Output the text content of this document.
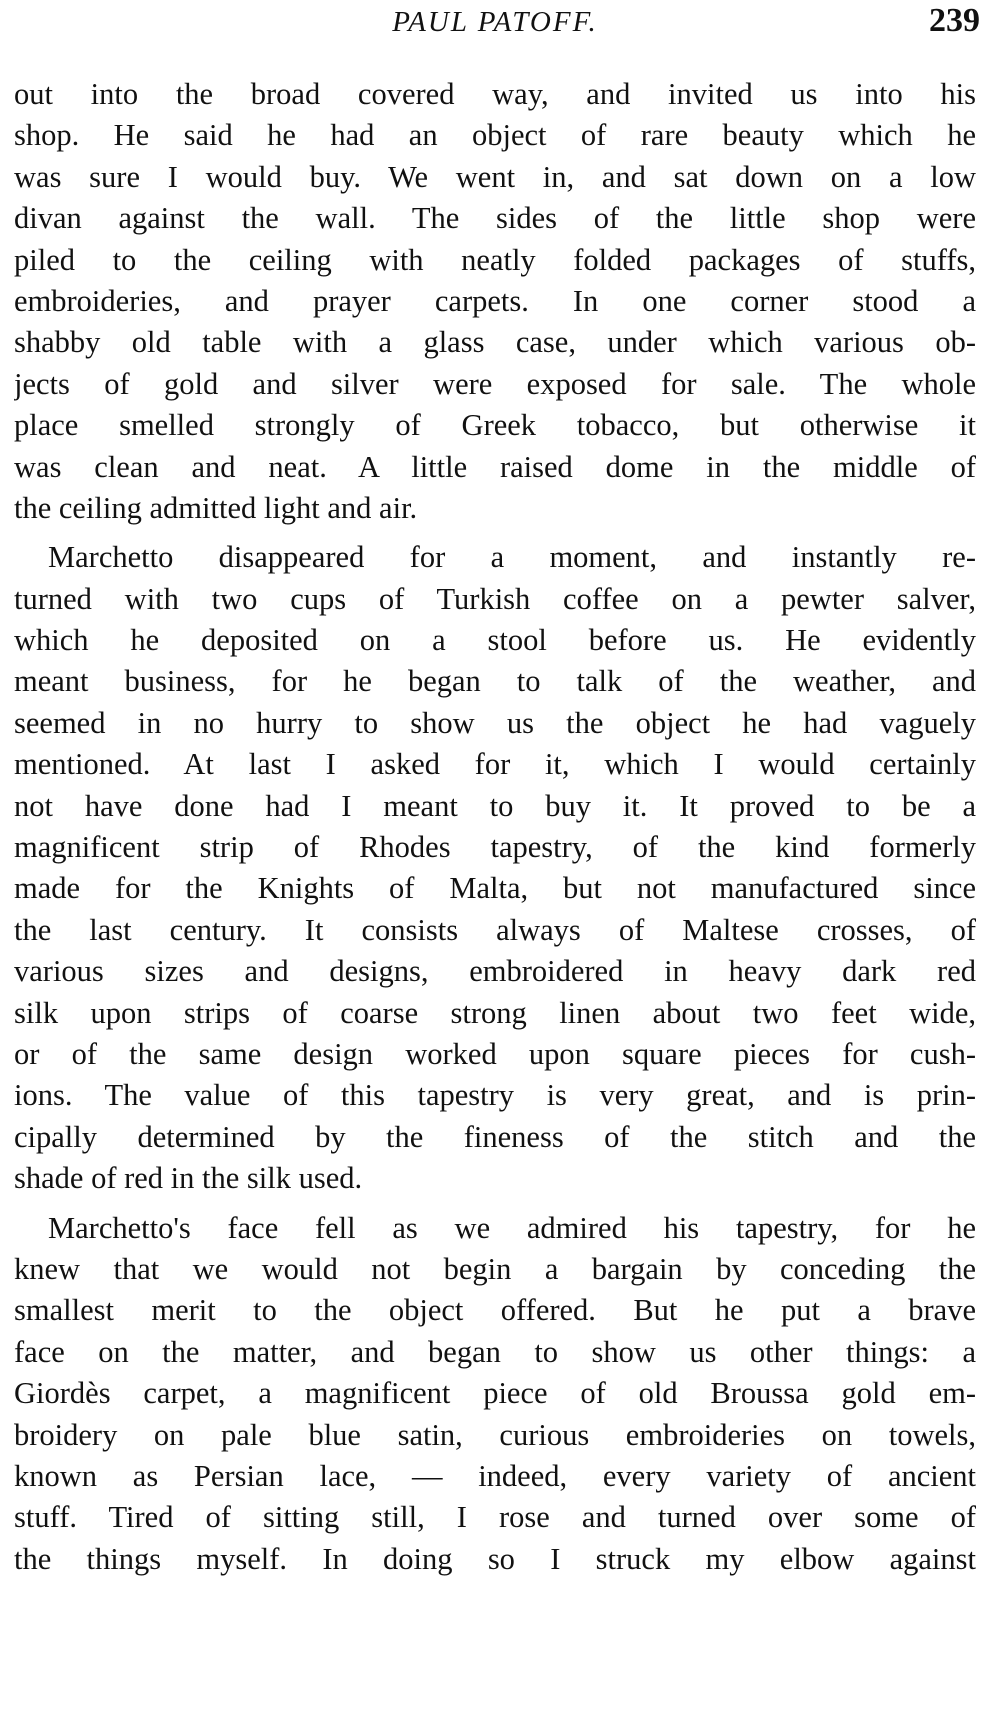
PAUL PATOFF.	239
out into the broad covered way, and invited us into his
shop. He said he had an object of rare beauty which he
was sure I would buy. We went in, and sat down on a low
divan against the wall. The sides of the little shop were
piled to the ceiling with neatly folded packages of stuffs,
embroideries, and prayer carpets. In one corner stood a
shabby old table with a glass case, under which various ob-
jects of gold and silver were exposed for sale. The whole
place smelled strongly of Greek tobacco, but otherwise it
was clean and neat. A little raised dome in the middle of
the ceiling admitted light and air.
Marchetto disappeared for a moment, and instantly re-
turned with two cups of Turkish coffee on a pewter salver,
which he deposited on a stool before us. He evidently
meant business, for he began to talk of the weather, and
seemed in no hurry to show us the object he had vaguely
mentioned. At last I asked for it, which I would certainly
not have done had I meant to buy it. It proved to be a
magnificent strip of Rhodes tapestry, of the kind formerly
made for the Knights of Malta, but not manufactured since
the last century. It consists always of Maltese crosses, of
various sizes and designs, embroidered in heavy dark red
silk upon strips of coarse strong linen about two feet wide,
or of the same design worked upon square pieces for cush-
ions. The value of this tapestry is very great, and is prin-
cipally determined by the fineness of the stitch and the
shade of red in the silk used.
Marchetto's face fell as we admired his tapestry, for he
knew that we would not begin a bargain by conceding the
smallest merit to the object offered. But he put a brave
face on the matter, and began to show us other things: a
Giordès carpet, a magnificent piece of old Broussa gold em-
broidery on pale blue satin, curious embroideries on towels,
known as Persian lace, — indeed, every variety of ancient
stuff. Tired of sitting still, I rose and turned over some of
the things myself. In doing so I struck my elbow against
